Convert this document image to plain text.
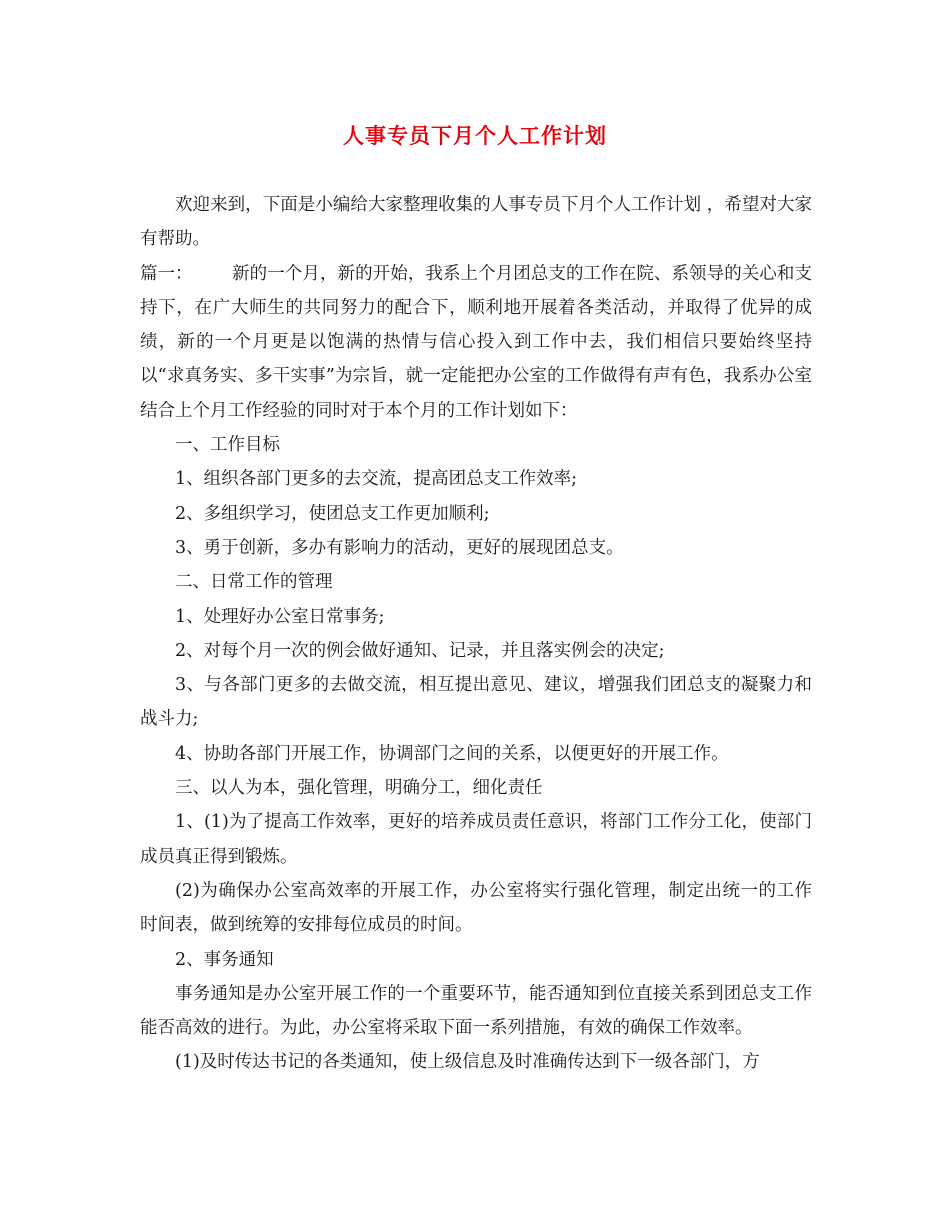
人事专员下月个人工作计划

欢迎来到，下面是小编给大家整理收集的人事专员下月个人工作计划 ，希望对大家有帮助。

篇一： 新的一个月，新的开始，我系上个月团总支的工作在院、系领导的关心和支持下，在广大师生的共同努力的配合下，顺利地开展着各类活动，并取得了优异的成绩，新的一个月更是以饱满的热情与信心投入到工作中去，我们相信只要始终坚持以“求真务实、多干实事”为宗旨，就一定能把办公室的工作做得有声有色，我系办公室结合上个月工作经验的同时对于本个月的工作计划如下：

一、工作目标

1、组织各部门更多的去交流，提高团总支工作效率;

2、多组织学习，使团总支工作更加顺利;

3、勇于创新，多办有影响力的活动，更好的展现团总支。

二、日常工作的管理

1、处理好办公室日常事务;

2、对每个月一次的例会做好通知、记录，并且落实例会的决定;

3、与各部门更多的去做交流，相互提出意见、建议，增强我们团总支的凝聚力和战斗力;

4、协助各部门开展工作，协调部门之间的关系，以便更好的开展工作。

三、以人为本，强化管理，明确分工，细化责任

1、(1)为了提高工作效率，更好的培养成员责任意识，将部门工作分工化，使部门成员真正得到锻炼。

(2)为确保办公室高效率的开展工作，办公室将实行强化管理，制定出统一的工作时间表，做到统筹的安排每位成员的时间。

2、事务通知

事务通知是办公室开展工作的一个重要环节，能否通知到位直接关系到团总支工作能否高效的进行。为此，办公室将采取下面一系列措施，有效的确保工作效率。

(1)及时传达书记的各类通知，使上级信息及时准确传达到下一级各部门，方
